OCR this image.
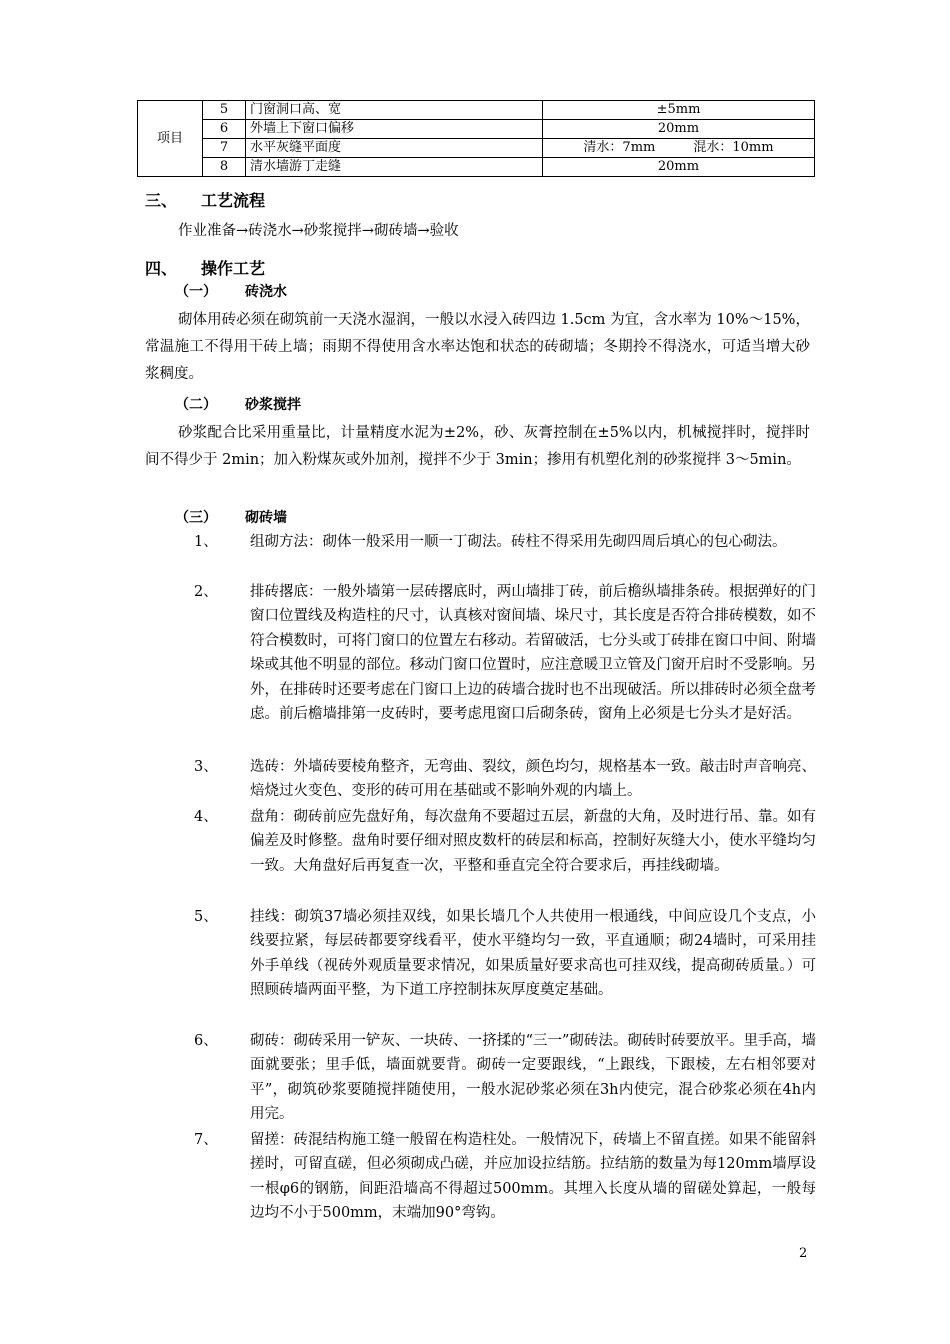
项目	5	门窗洞口高、宽	±5mm
	6	外墙上下窗口偏移	20mm
	7	水平灰缝平面度	清水：7mm 混水：10mm
	8	清水墙游丁走缝	20mm
三、 工艺流程
作业准备→砖浇水→砂浆搅拌→砌砖墙→验收
四、 操作工艺
（一） 砖浇水
砌体用砖必须在砌筑前一天浇水湿润，一般以水浸入砖四边 1.5cm 为宜，含水率为 10%～15%，常温施工不得用干砖上墙；雨期不得使用含水率达饱和状态的砖砌墙；冬期拎不得浇水，可适当增大砂浆稠度。
（二） 砂浆搅拌
砂浆配合比采用重量比，计量精度水泥为±2%，砂、灰膏控制在±5%以内，机械搅拌时，搅拌时间不得少于 2min；加入粉煤灰或外加剂，搅拌不少于 3min；掺用有机塑化剂的砂浆搅拌 3～5min。
（三） 砌砖墙
1、	组砌方法：砌体一般采用一顺一丁砌法。砖柱不得采用先砌四周后填心的包心砌法。
2、	排砖撂底：一般外墙第一层砖撂底时，两山墙排丁砖，前后檐纵墙排条砖。根据弹好的门窗口位置线及构造柱的尺寸，认真核对窗间墙、垛尺寸，其长度是否符合排砖模数，如不符合模数时，可将门窗口的位置左右移动。若留破活，七分头或丁砖排在窗口中间、附墙垛或其他不明显的部位。移动门窗口位置时，应注意暖卫立管及门窗开启时不受影响。另外，在排砖时还要考虑在门窗口上边的砖墙合拢时也不出现破活。所以排砖时必须全盘考虑。前后檐墙排第一皮砖时，要考虑甩窗口后砌条砖，窗角上必须是七分头才是好活。
3、	选砖：外墙砖要棱角整齐，无弯曲、裂纹，颜色均匀，规格基本一致。敲击时声音响亮、焙烧过火变色、变形的砖可用在基础或不影响外观的内墙上。
4、	盘角：砌砖前应先盘好角，每次盘角不要超过五层，新盘的大角，及时进行吊、靠。如有偏差及时修整。盘角时要仔细对照皮数杆的砖层和标高，控制好灰缝大小，使水平缝均匀一致。大角盘好后再复查一次，平整和垂直完全符合要求后，再挂线砌墙。
5、	挂线：砌筑37墙必须挂双线，如果长墙几个人共使用一根通线，中间应设几个支点，小线要拉紧，每层砖都要穿线看平，使水平缝均匀一致，平直通顺；砌24墙时，可采用挂外手单线（视砖外观质量要求情况，如果质量好要求高也可挂双线，提高砌砖质量。）可照顾砖墙两面平整，为下道工序控制抹灰厚度奠定基础。
6、	砌砖：砌砖采用一铲灰、一块砖、一挤揉的“三一”砌砖法。砌砖时砖要放平。里手高，墙面就要张；里手低，墙面就要背。砌砖一定要跟线，“上跟线，下跟棱，左右相邻要对平”，砌筑砂浆要随搅拌随使用，一般水泥砂浆必须在3h内使完，混合砂浆必须在4h内用完。
7、	留搓：砖混结构施工缝一般留在构造柱处。一般情况下，砖墙上不留直搓。如果不能留斜搓时，可留直磋，但必须砌成凸磋，并应加设拉结筋。拉结筋的数量为每120mm墙厚设一根φ6的钢筋，间距沿墙高不得超过500mm。其埋入长度从墙的留磋处算起，一般每边均不小于500mm，末端加90°弯钩。
2
